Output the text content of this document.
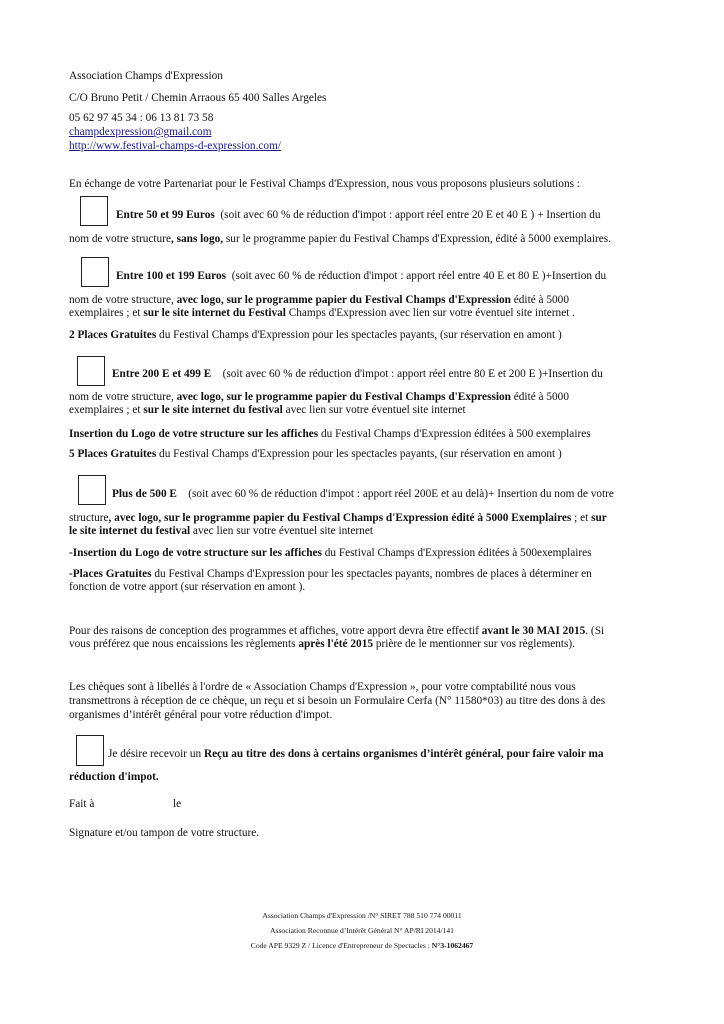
Association Champs d'Expression
C/O Bruno Petit / Chemin Arraous 65 400 Salles Argeles
05 62 97 45 34 : 06 13 81 73 58
champdexpression@gmail.com
http://www.festival-champs-d-expression.com/
En échange de votre Partenariat pour le Festival Champs d'Expression, nous vous proposons plusieurs solutions :
Entre 50 et 99 Euros (soit avec 60 % de réduction d'impot : apport réel entre 20 E et 40 E ) + Insertion du
nom de votre structure, sans logo, sur le programme papier du Festival Champs d'Expression, édité à 5000 exemplaires.
Entre 100 et 199 Euros (soit avec 60 % de réduction d'impot : apport réel entre 40 E et 80 E )+Insertion du
nom de votre structure, avec logo, sur le programme papier du Festival Champs d'Expression édité à 5000
exemplaires ; et sur le site internet du Festival Champs d'Expression avec lien sur votre éventuel site internet .
2 Places Gratuites du Festival Champs d'Expression pour les spectacles payants, (sur réservation en amont )
Entre 200 E et 499 E (soit avec 60 % de réduction d'impot : apport réel entre 80 E et 200 E )+Insertion du
nom de votre structure, avec logo, sur le programme papier du Festival Champs d'Expression édité à 5000
exemplaires ; et sur le site internet du festival avec lien sur votre éventuel site internet
Insertion du Logo de votre structure sur les affiches du Festival Champs d'Expression éditées à 500 exemplaires
5 Places Gratuites du Festival Champs d'Expression pour les spectacles payants, (sur réservation en amont )
Plus de 500 E (soit avec 60 % de réduction d'impot : apport réel 200E et au delà)+ Insertion du nom de votre
structure, avec logo, sur le programme papier du Festival Champs d'Expression édité à 5000 Exemplaires ; et sur
le site internet du festival avec lien sur votre éventuel site internet
-Insertion du Logo de votre structure sur les affiches du Festival Champs d'Expression éditées à 500exemplaires
-Places Gratuites du Festival Champs d'Expression pour les spectacles payants, nombres de places à déterminer en
fonction de votre apport (sur réservation en amont ).
Pour des raisons de conception des programmes et affiches, votre apport devra être effectif avant le 30 MAI 2015. (Si
vous préférez que nous encaissions les règlements après l'été 2015 prière de le mentionner sur vos règlements).
Les chèques sont à libellés à l'ordre de « Association Champs d'Expression », pour votre comptabilité nous vous
transmettrons à réception de ce chèque, un reçu et si besoin un Formulaire Cerfa (N° 11580*03) au titre des dons à des
organismes d’intérêt général pour votre réduction d'impot.
Je désire recevoir un Reçu au titre des dons à certains organismes d’intérêt général, pour faire valoir ma
réduction d'impot.
Fait à	le
Signature et/ou tampon de votre structure.
Association Champs d'Expression /N° SIRET 788 510 774 00011
Association Reconnue d’Intérêt Général N° AP/RI 2014/141
Code APE 9329 Z / Licence d'Entrepreneur de Spectacles : N°3-1062467
